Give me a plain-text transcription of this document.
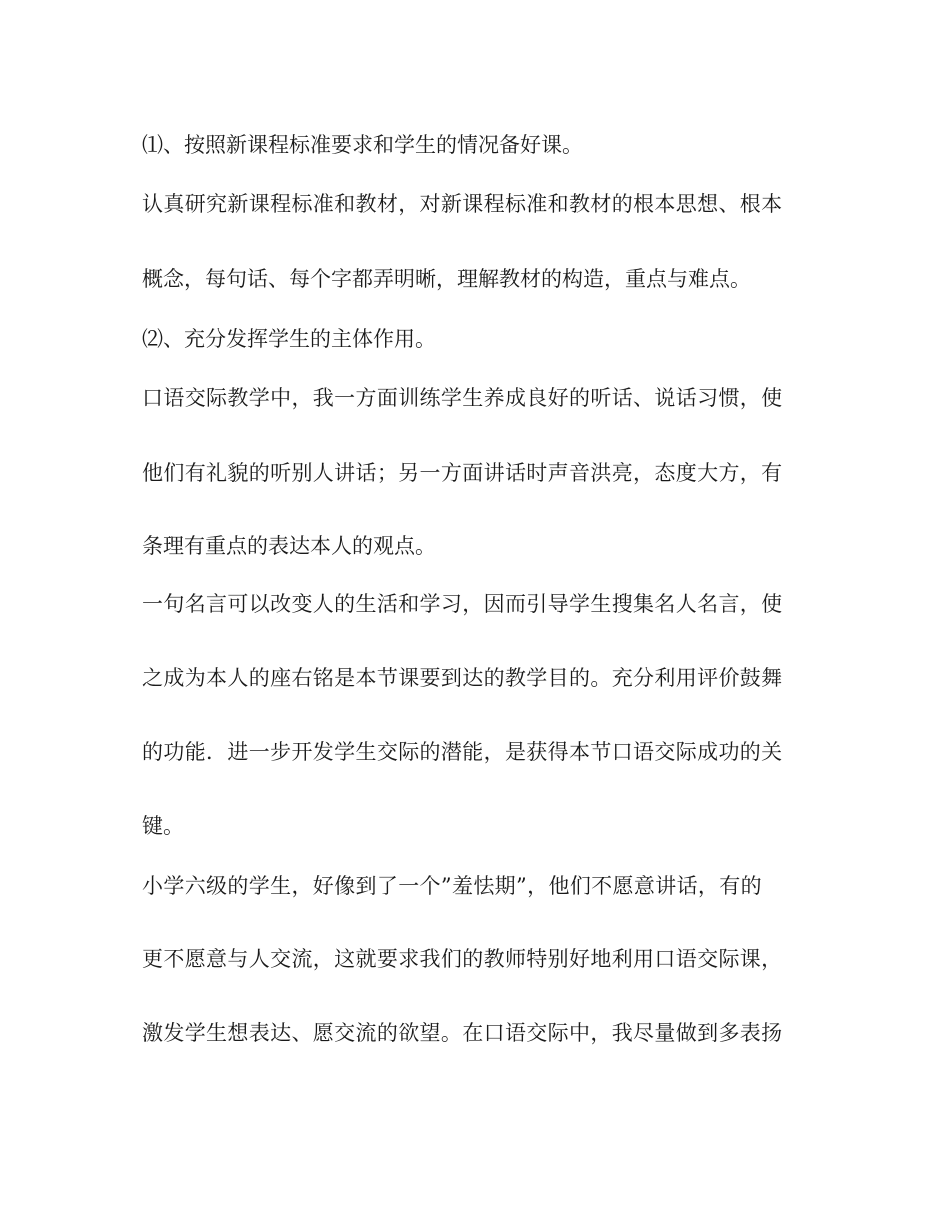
⑴、按照新课程标准要求和学生的情况备好课。
认真研究新课程标准和教材，对新课程标准和教材的根本思想、根本
概念，每句话、每个字都弄明晰，理解教材的构造，重点与难点。
⑵、充分发挥学生的主体作用。
口语交际教学中，我一方面训练学生养成良好的听话、说话习惯，使
他们有礼貌的听别人讲话；另一方面讲话时声音洪亮，态度大方，有
条理有重点的表达本人的观点。
一句名言可以改变人的生活和学习，因而引导学生搜集名人名言，使
之成为本人的座右铭是本节课要到达的教学目的。充分利用评价鼓舞
的功能．进一步开发学生交际的潜能，是获得本节口语交际成功的关
键。
小学六级的学生，好像到了一个”羞怯期”，他们不愿意讲话，有的
更不愿意与人交流，这就要求我们的教师特别好地利用口语交际课，
激发学生想表达、愿交流的欲望。在口语交际中，我尽量做到多表扬
